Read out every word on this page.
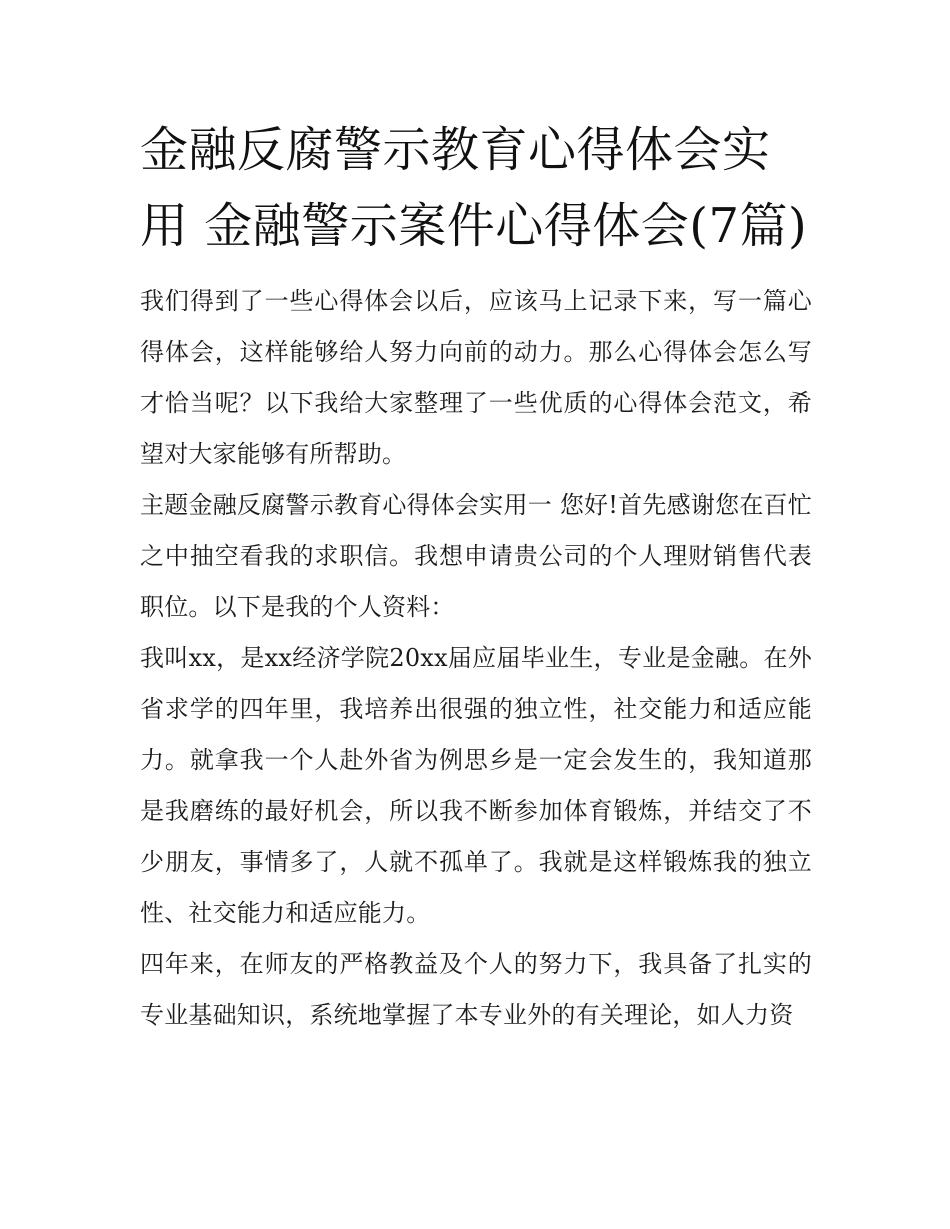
金融反腐警示教育心得体会实用 金融警示案件心得体会(7篇)

我们得到了一些心得体会以后，应该马上记录下来，写一篇心得体会，这样能够给人努力向前的动力。那么心得体会怎么写才恰当呢？以下我给大家整理了一些优质的心得体会范文，希望对大家能够有所帮助。

主题金融反腐警示教育心得体会实用一 您好!首先感谢您在百忙之中抽空看我的求职信。我想申请贵公司的个人理财销售代表职位。以下是我的个人资料：

我叫xx，是xx经济学院20xx届应届毕业生，专业是金融。在外省求学的四年里，我培养出很强的独立性，社交能力和适应能力。就拿我一个人赴外省为例思乡是一定会发生的，我知道那是我磨练的最好机会，所以我不断参加体育锻炼，并结交了不少朋友，事情多了，人就不孤单了。我就是这样锻炼我的独立性、社交能力和适应能力。

四年来，在师友的严格教益及个人的努力下，我具备了扎实的专业基础知识，系统地掌握了本专业外的有关理论，如人力资
